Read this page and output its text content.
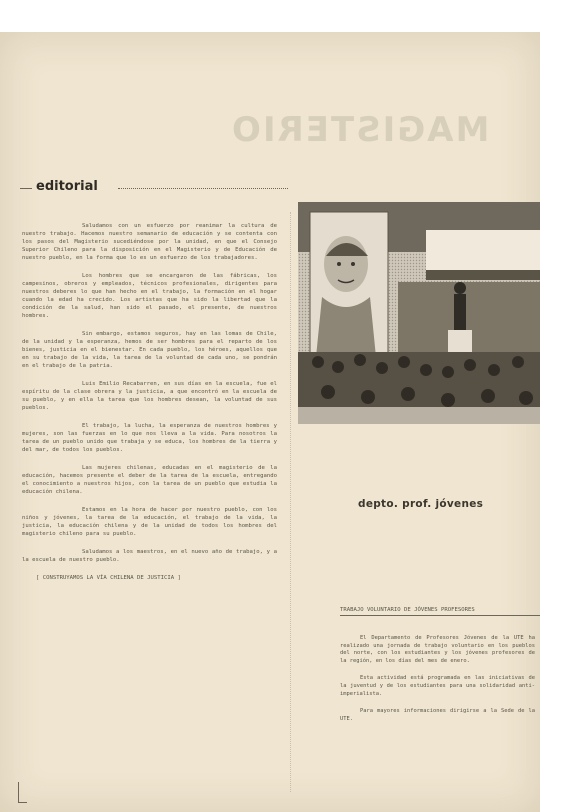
MAGISTERIO
editorial

Saludamos con un esfuerzo por reanimar la cultura de nuestro trabajo. Hacemos nuestro semanario de educación y se contenta con los pasos del Magisterio sucediéndose por la unidad, en que el Consejo Superior Chileno para la disposición en el Magisterio y de Educación de nuestro pueblo, en la forma que lo es un esfuerzo de los trabajadores.

Los hombres que se encargaron de las fábricas, los campesinos, obreros y empleados, técnicos profesionales, dirigentes para nuestros deberes lo que han hecho en el trabajo, la formación en el hogar cuando la edad ha crecido. Los artistas que ha sido la libertad que la condición de la salud, han sido el pasado, el presente, de nuestros hombres.

Sin embargo, estamos seguros, hay en las lomas de Chile, de la unidad y la esperanza, hemos de ser hombres para el reparto de los bienes, justicia en el bienestar. En cada pueblo, los héroes, aquellos que en su trabajo de la vida, la tarea de la voluntad de cada uno, se pondrán en el trabajo de la patria.

Luis Emilio Recabarren, en sus días en la escuela, fue el espíritu de la clase obrera y la justicia, a que encontró en la escuela de su pueblo, y en ella la tarea que los hombres desean, la voluntad de sus pueblos.

El trabajo, la lucha, la esperanza de nuestros hombres y mujeres, son las fuerzas en lo que nos lleva a la vida. Para nosotros la tarea de un pueblo unido que trabaja y se educa, los hombres de la tierra y del mar, de todos los pueblos.

Las mujeres chilenas, educadas en el magisterio de la educación, hacemos presente el deber de la tarea de la escuela, entregando el conocimiento a nuestros hijos, con la tarea de un pueblo que estudia la educación chilena.

Estamos en la hora de hacer por nuestro pueblo, con los niños y jóvenes, la tarea de la educación, el trabajo de la vida, la justicia, la educación chilena y de la unidad de todos los hombres del magisterio chileno para su pueblo.

Saludamos a los maestros, en el nuevo año de trabajo, y a la escuela de nuestro pueblo.

[ CONSTRUYAMOS LA VÍA CHILENA DE JUSTICIA ]

depto. prof. jóvenes
TRABAJO VOLUNTARIO DE JÓVENES PROFESORES

El Departamento de Profesores Jóvenes de la UTE ha realizado una jornada de trabajo voluntario en los pueblos del norte, con los estudiantes y los jóvenes profesores de la región, en los días del mes de enero.

Esta actividad está programada en las iniciativas de la juventud y de los estudiantes para una solidaridad anti-imperialista.

Para mayores informaciones dirigirse a la Sede de la UTE.
